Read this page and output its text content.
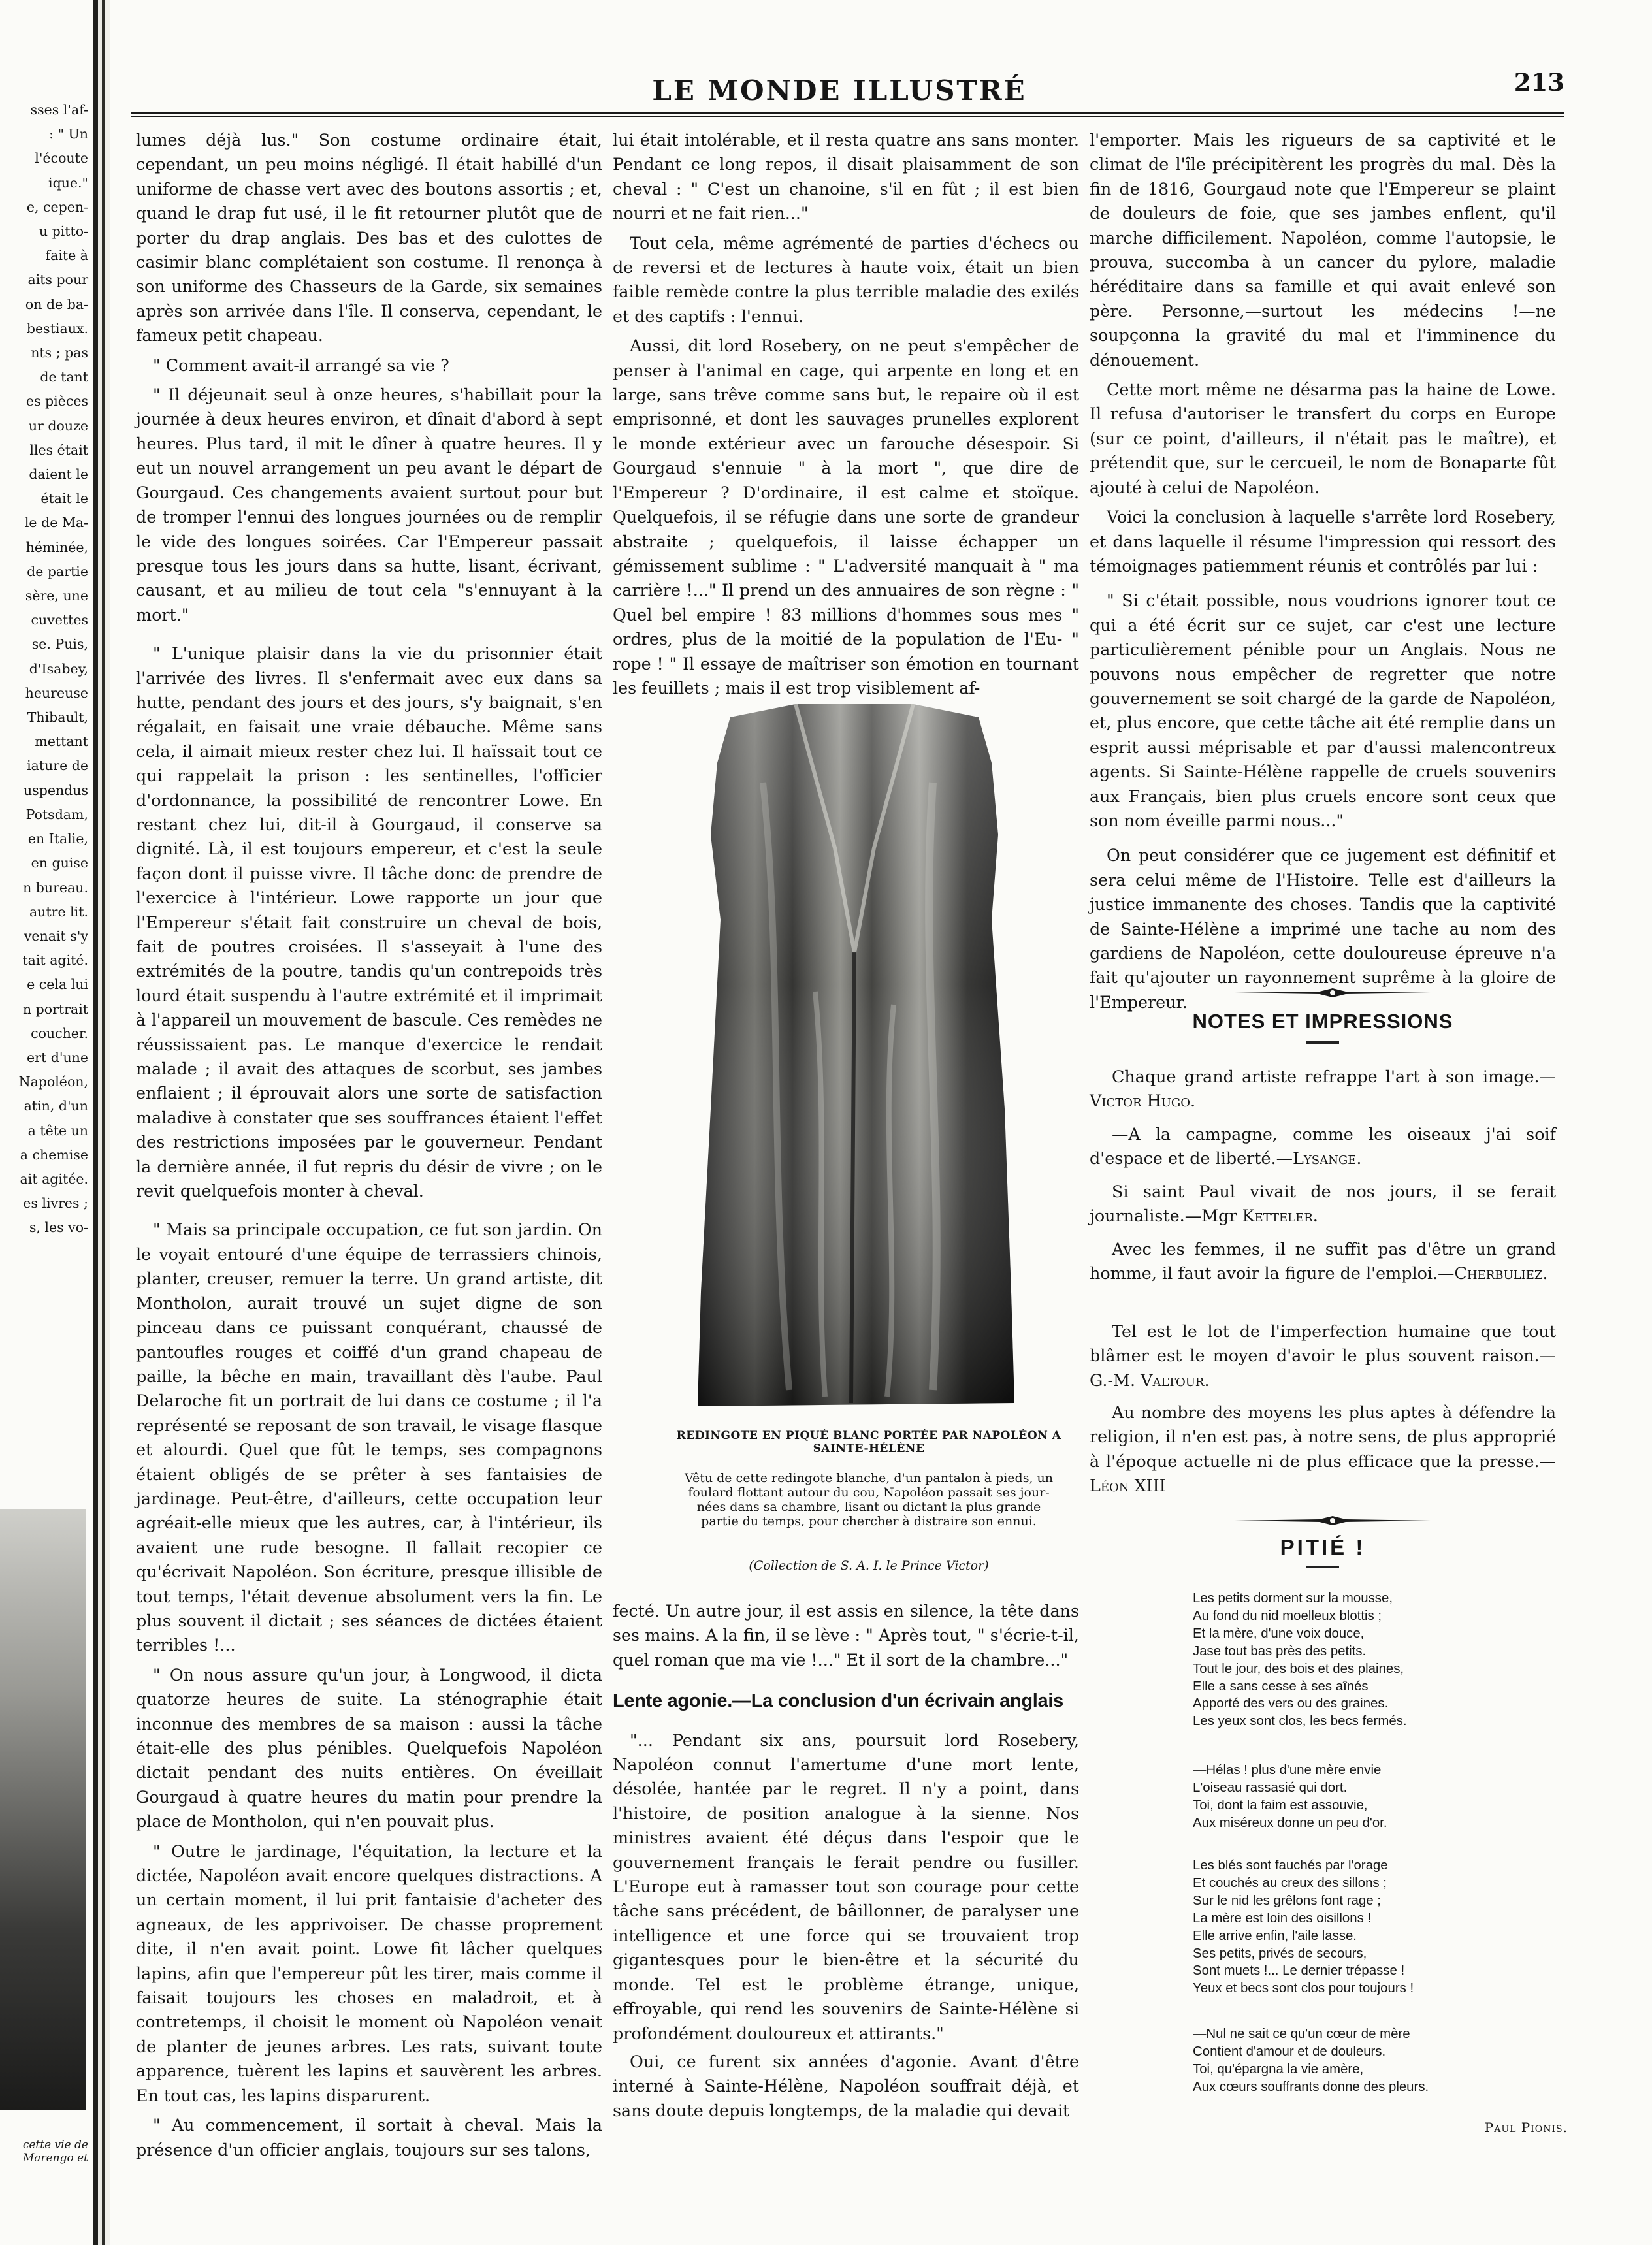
sses l'af-
: " Un
l'écoute
ique."
e, cepen-
u pitto-
faite à
aits pour
on de ba-
bestiaux.
nts ; pas
de tant
es pièces
ur douze
lles était
daient le
était le
le de Ma-
héminée,
de partie
sère, une
cuvettes
se. Puis,
d'Isabey,
heureuse
Thibault,
mettant
iature de
uspendus
Potsdam,
en Italie,
en guise
n bureau.
autre lit.
venait s'y
tait agité.
e cela lui
n portrait
coucher.
ert d'une
Napoléon,
atin, d'un
a tête un
a chemise
ait agitée.
es livres ;
s, les vo-
cette vie de
Marengo et
LE MONDE ILLUSTRÉ	213

lumes déjà lus." Son costume ordinaire était, cependant, un peu moins négligé. Il était habillé d'un uniforme de chasse vert avec des boutons assortis ; et, quand le drap fut usé, il le fit retourner plutôt que de porter du drap anglais. Des bas et des culottes de casimir blanc complétaient son costume. Il renonça à son uniforme des Chasseurs de la Garde, six semaines après son arrivée dans l'île. Il conserva, cependant, le fameux petit chapeau.

" Comment avait-il arrangé sa vie ?

" Il déjeunait seul à onze heures, s'habillait pour la journée à deux heures environ, et dînait d'abord à sept heures. Plus tard, il mit le dîner à quatre heures. Il y eut un nouvel arrangement un peu avant le départ de Gourgaud. Ces changements avaient surtout pour but de tromper l'ennui des longues journées ou de remplir le vide des longues soirées. Car l'Empereur passait presque tous les jours dans sa hutte, lisant, écrivant, causant, et au milieu de tout cela "s'ennuyant à la mort."

" L'unique plaisir dans la vie du prisonnier était l'arrivée des livres. Il s'enfermait avec eux dans sa hutte, pendant des jours et des jours, s'y baignait, s'en régalait, en faisait une vraie débauche. Même sans cela, il aimait mieux rester chez lui. Il haïssait tout ce qui rappelait la prison : les sentinelles, l'officier d'ordonnance, la possibilité de rencontrer Lowe. En restant chez lui, dit-il à Gourgaud, il conserve sa dignité. Là, il est toujours empereur, et c'est la seule façon dont il puisse vivre. Il tâche donc de prendre de l'exercice à l'intérieur. Lowe rapporte un jour que l'Empereur s'était fait construire un cheval de bois, fait de poutres croisées. Il s'asseyait à l'une des extrémités de la poutre, tandis qu'un contrepoids très lourd était suspendu à l'autre extrémité et il imprimait à l'appareil un mouvement de bascule. Ces remèdes ne réussissaient pas. Le manque d'exercice le rendait malade ; il avait des attaques de scorbut, ses jambes enflaient ; il éprouvait alors une sorte de satisfaction maladive à constater que ses souffrances étaient l'effet des restrictions imposées par le gouverneur. Pendant la dernière année, il fut repris du désir de vivre ; on le revit quelquefois monter à cheval.

" Mais sa principale occupation, ce fut son jardin. On le voyait entouré d'une équipe de terrassiers chinois, planter, creuser, remuer la terre. Un grand artiste, dit Montholon, aurait trouvé un sujet digne de son pinceau dans ce puissant conquérant, chaussé de pantoufles rouges et coiffé d'un grand chapeau de paille, la bêche en main, travaillant dès l'aube. Paul Delaroche fit un portrait de lui dans ce costume ; il l'a représenté se reposant de son travail, le visage flasque et alourdi. Quel que fût le temps, ses compagnons étaient obligés de se prêter à ses fantaisies de jardinage. Peut-être, d'ailleurs, cette occupation leur agréait-elle mieux que les autres, car, à l'intérieur, ils avaient une rude besogne. Il fallait recopier ce qu'écrivait Napoléon. Son écriture, presque illisible de tout temps, l'était devenue absolument vers la fin. Le plus souvent il dictait ; ses séances de dictées étaient terribles !...

" On nous assure qu'un jour, à Longwood, il dicta quatorze heures de suite. La sténographie était inconnue des membres de sa maison : aussi la tâche était-elle des plus pénibles. Quelquefois Napoléon dictait pendant des nuits entières. On éveillait Gourgaud à quatre heures du matin pour prendre la place de Montholon, qui n'en pouvait plus.

" Outre le jardinage, l'équitation, la lecture et la dictée, Napoléon avait encore quelques distractions. A un certain moment, il lui prit fantaisie d'acheter des agneaux, de les apprivoiser. De chasse proprement dite, il n'en avait point. Lowe fit lâcher quelques lapins, afin que l'empereur pût les tirer, mais comme il faisait toujours les choses en maladroit, et à contretemps, il choisit le moment où Napoléon venait de planter de jeunes arbres. Les rats, suivant toute apparence, tuèrent les lapins et sauvèrent les arbres. En tout cas, les lapins disparurent.

" Au commencement, il sortait à cheval. Mais la présence d'un officier anglais, toujours sur ses talons,

lui était intolérable, et il resta quatre ans sans monter. Pendant ce long repos, il disait plaisamment de son cheval : " C'est un chanoine, s'il en fût ; il est bien nourri et ne fait rien..."

Tout cela, même agrémenté de parties d'échecs ou de reversi et de lectures à haute voix, était un bien faible remède contre la plus terrible maladie des exilés et des captifs : l'ennui.

Aussi, dit lord Rosebery, on ne peut s'empêcher de penser à l'animal en cage, qui arpente en long et en large, sans trêve comme sans but, le repaire où il est emprisonné, et dont les sauvages prunelles explorent le monde extérieur avec un farouche désespoir. Si Gourgaud s'ennuie " à la mort ", que dire de l'Empereur ? D'ordinaire, il est calme et stoïque. Quelquefois, il se réfugie dans une sorte de grandeur abstraite ; quelquefois, il laisse échapper un gémissement sublime : " L'adversité manquait à " ma carrière !..." Il prend un des annuaires de son règne : " Quel bel empire ! 83 millions d'hommes sous mes " ordres, plus de la moitié de la population de l'Eu- " rope ! " Il essaye de maîtriser son émotion en tournant les feuillets ; mais il est trop visiblement af-

REDINGOTE EN PIQUÉ BLANC PORTÉE PAR NAPOLÉON A
SAINTE-HÉLÈNE
Vêtu de cette redingote blanche, d'un pantalon à pieds, un
foulard flottant autour du cou, Napoléon passait ses jour-
nées dans sa chambre, lisant ou dictant la plus grande
partie du temps, pour chercher à distraire son ennui.
(Collection de S. A. I. le Prince Victor)

fecté. Un autre jour, il est assis en silence, la tête dans ses mains. A la fin, il se lève : " Après tout, " s'écrie-t-il, quel roman que ma vie !..." Et il sort de la chambre..."

Lente agonie.—La conclusion d'un écrivain anglais

"... Pendant six ans, poursuit lord Rosebery, Napoléon connut l'amertume d'une mort lente, désolée, hantée par le regret. Il n'y a point, dans l'histoire, de position analogue à la sienne. Nos ministres avaient été déçus dans l'espoir que le gouvernement français le ferait pendre ou fusiller. L'Europe eut à ramasser tout son courage pour cette tâche sans précédent, de bâillonner, de paralyser une intelligence et une force qui se trouvaient trop gigantesques pour le bien-être et la sécurité du monde. Tel est le problème étrange, unique, effroyable, qui rend les souvenirs de Sainte-Hélène si profondément douloureux et attirants."

Oui, ce furent six années d'agonie. Avant d'être interné à Sainte-Hélène, Napoléon souffrait déjà, et sans doute depuis longtemps, de la maladie qui devait

l'emporter. Mais les rigueurs de sa captivité et le climat de l'île précipitèrent les progrès du mal. Dès la fin de 1816, Gourgaud note que l'Empereur se plaint de douleurs de foie, que ses jambes enflent, qu'il marche difficilement. Napoléon, comme l'autopsie, le prouva, succomba à un cancer du pylore, maladie héréditaire dans sa famille et qui avait enlevé son père. Personne,—surtout les médecins !—ne soupçonna la gravité du mal et l'imminence du dénouement.

Cette mort même ne désarma pas la haine de Lowe. Il refusa d'autoriser le transfert du corps en Europe (sur ce point, d'ailleurs, il n'était pas le maître), et prétendit que, sur le cercueil, le nom de Bonaparte fût ajouté à celui de Napoléon.

Voici la conclusion à laquelle s'arrête lord Rosebery, et dans laquelle il résume l'impression qui ressort des témoignages patiemment réunis et contrôlés par lui :

" Si c'était possible, nous voudrions ignorer tout ce qui a été écrit sur ce sujet, car c'est une lecture particulièrement pénible pour un Anglais. Nous ne pouvons nous empêcher de regretter que notre gouvernement se soit chargé de la garde de Napoléon, et, plus encore, que cette tâche ait été remplie dans un esprit aussi méprisable et par d'aussi malencontreux agents. Si Sainte-Hélène rappelle de cruels souvenirs aux Français, bien plus cruels encore sont ceux que son nom éveille parmi nous..."

On peut considérer que ce jugement est définitif et sera celui même de l'Histoire. Telle est d'ailleurs la justice immanente des choses. Tandis que la captivité de Sainte-Hélène a imprimé une tache au nom des gardiens de Napoléon, cette douloureuse épreuve n'a fait qu'ajouter un rayonnement suprême à la gloire de l'Empereur.

NOTES ET IMPRESSIONS
Chaque grand artiste refrappe l'art à son image.—Victor Hugo.
—A la campagne, comme les oiseaux j'ai soif d'espace et de liberté.—Lysange.
Si saint Paul vivait de nos jours, il se ferait journaliste.—Mgr Ketteler.
Avec les femmes, il ne suffit pas d'être un grand homme, il faut avoir la figure de l'emploi.—Cherbuliez.
Tel est le lot de l'imperfection humaine que tout blâmer est le moyen d'avoir le plus souvent raison.—G.-M. Valtour.
Au nombre des moyens les plus aptes à défendre la religion, il n'en est pas, à notre sens, de plus approprié à l'époque actuelle ni de plus efficace que la presse.—Léon XIII
PITIÉ !
Les petits dorment sur la mousse,
Au fond du nid moelleux blottis ;
Et la mère, d'une voix douce,
Jase tout bas près des petits.
Tout le jour, des bois et des plaines,
Elle a sans cesse à ses aînés
Apporté des vers ou des graines.
Les yeux sont clos, les becs fermés.
—Hélas ! plus d'une mère envie
L'oiseau rassasié qui dort.
Toi, dont la faim est assouvie,
Aux miséreux donne un peu d'or.
Les blés sont fauchés par l'orage
Et couchés au creux des sillons ;
Sur le nid les grêlons font rage ;
La mère est loin des oisillons !
Elle arrive enfin, l'aile lasse.
Ses petits, privés de secours,
Sont muets !... Le dernier trépasse !
Yeux et becs sont clos pour toujours !
—Nul ne sait ce qu'un cœur de mère
Contient d'amour et de douleurs.
Toi, qu'épargna la vie amère,
Aux cœurs souffrants donne des pleurs.
Paul Pionis.
